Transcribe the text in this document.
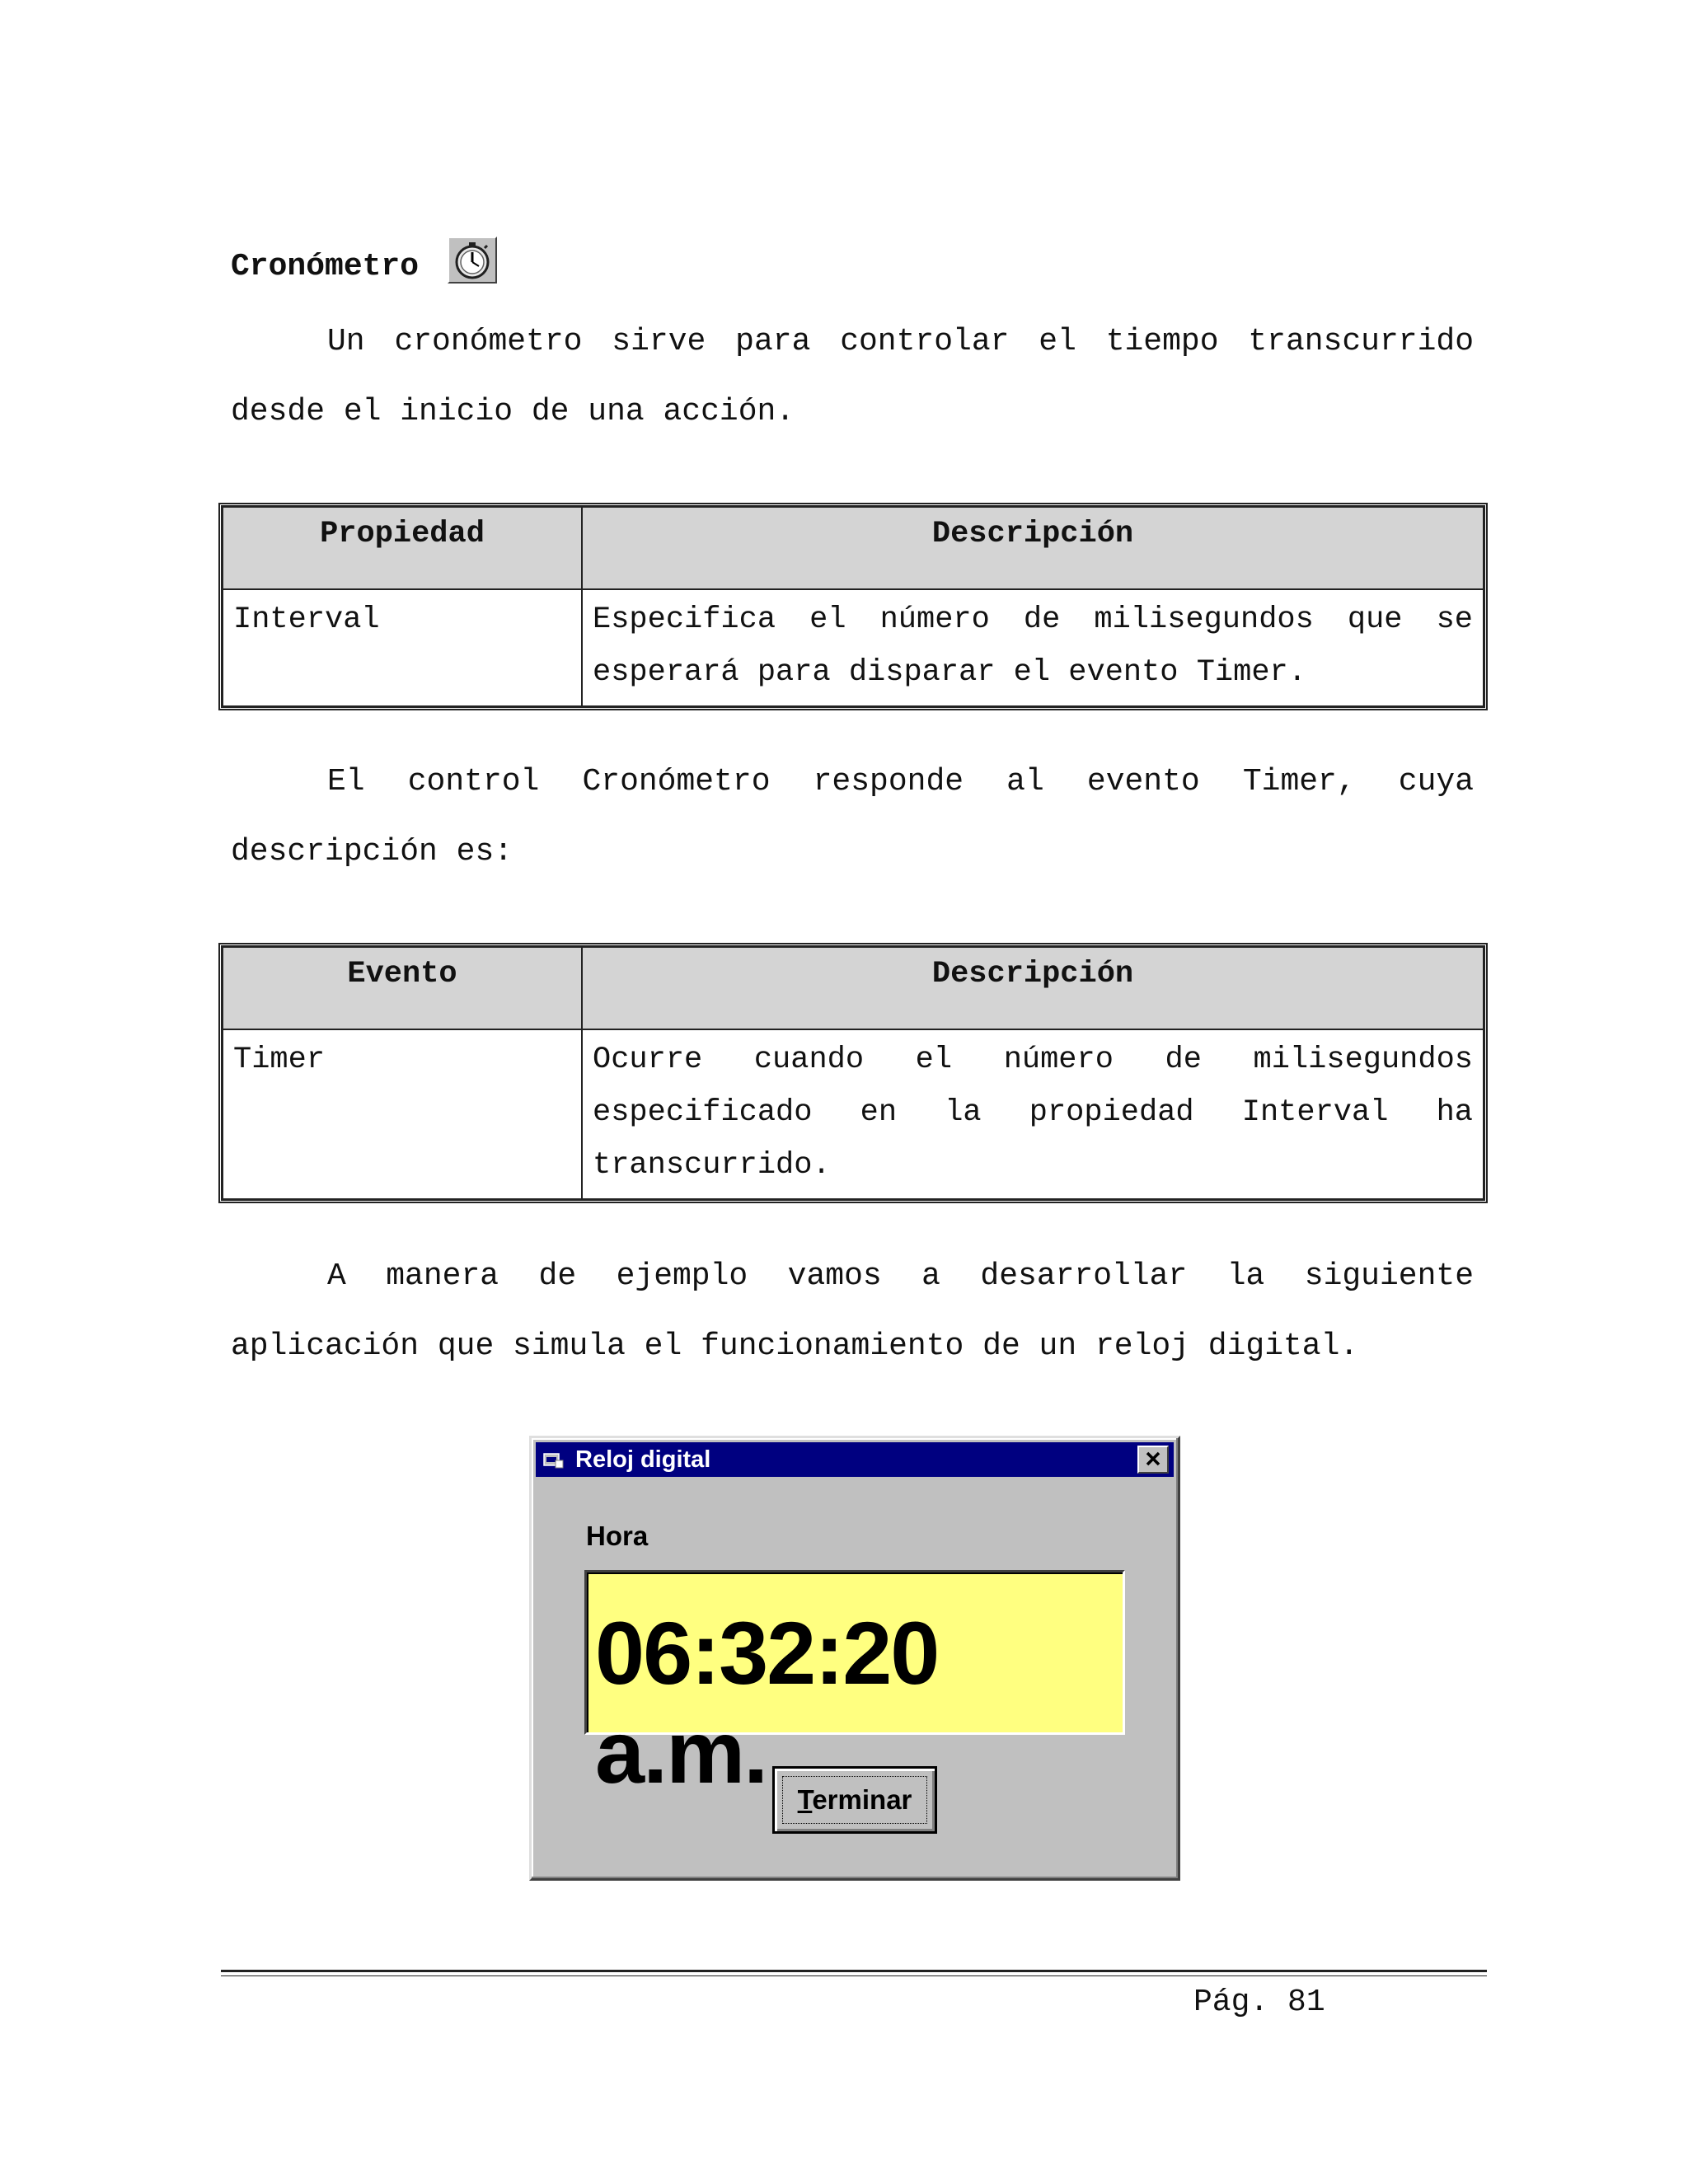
Cronómetro
Un cronómetro sirve para controlar el tiempo transcurrido desde el inicio de una acción.
Propiedad	Descripción
Interval	Especifica el número de milisegundos que se esperará para disparar el evento Timer.
El control Cronómetro responde al evento Timer, cuya descripción es:
Evento	Descripción
Timer	Ocurre cuando el número de milisegundos especificado en la propiedad Interval ha transcurrido.
A manera de ejemplo vamos a desarrollar la siguiente aplicación que simula el funcionamiento de un reloj digital.
Reloj digital
Hora
06:32:20 a.m.	Terminar
Pág. 81
